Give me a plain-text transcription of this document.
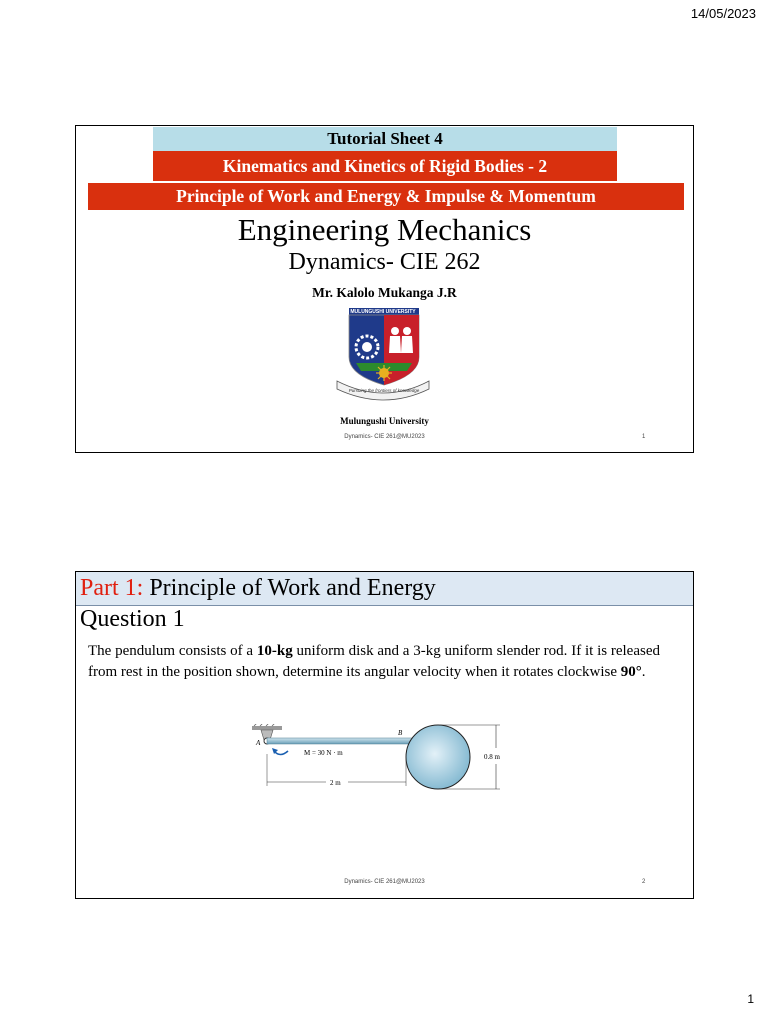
14/05/2023
Tutorial Sheet 4
Kinematics and Kinetics of Rigid Bodies - 2
Principle of Work and Energy & Impulse & Momentum
Engineering Mechanics
Dynamics- CIE 262
Mr. Kalolo Mukanga J.R
MULUNGUSHI UNIVERSITY
Pursuing the frontiers of knowledge
Mulungushi University
Dynamics- CIE 261@MU2023	1
Part 1: Principle of Work and Energy
Question 1
The pendulum consists of a 10-kg uniform disk and a 3-kg uniform slender rod. If it is released from rest in the position shown, determine its angular velocity when it rotates clockwise 90°.
A
B
M = 30 N · m
2 m
0.8 m
Dynamics- CIE 261@MU2023	2
1
